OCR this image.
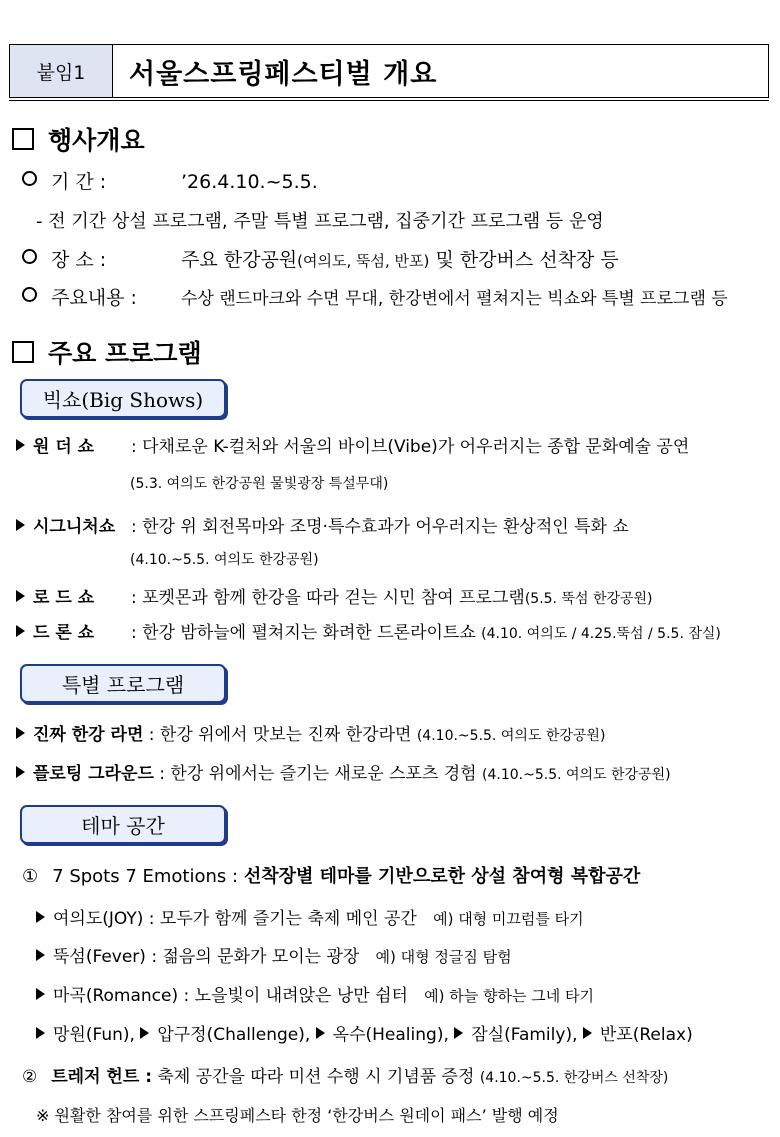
붙임1	서울스프링페스티벌 개요
행사개요
기 간 :	’26.4.10.~5.5.
- 전 기간 상설 프로그램, 주말 특별 프로그램, 집중기간 프로그램 등 운영
장 소 :	주요 한강공원(여의도, 뚝섬, 반포) 및 한강버스 선착장 등
주요내용 :	수상 랜드마크와 수면 무대, 한강변에서 펼쳐지는 빅쇼와 특별 프로그램 등
주요 프로그램
빅쇼(Big Shows)
원 더 쇼 : 다채로운 K-컬처와 서울의 바이브(Vibe)가 어우러지는 종합 문화예술 공연
(5.3. 여의도 한강공원 물빛광장 특설무대)
시그니처쇼 : 한강 위 회전목마와 조명·특수효과가 어우러지는 환상적인 특화 쇼
(4.10.~5.5. 여의도 한강공원)
로 드 쇼 : 포켓몬과 함께 한강을 따라 걷는 시민 참여 프로그램(5.5. 뚝섬 한강공원)
드 론 쇼 : 한강 밤하늘에 펼쳐지는 화려한 드론라이트쇼 (4.10. 여의도 / 4.25.뚝섬 / 5.5. 잠실)
특별 프로그램
진짜 한강 라면 : 한강 위에서 맛보는 진짜 한강라면 (4.10.~5.5. 여의도 한강공원)
플로팅 그라운드 : 한강 위에서는 즐기는 새로운 스포츠 경험 (4.10.~5.5. 여의도 한강공원)
테마 공간
① 7 Spots 7 Emotions : 선착장별 테마를 기반으로한 상설 참여형 복합공간
여의도(JOY) : 모두가 함께 즐기는 축제 메인 공간 예) 대형 미끄럼틀 타기
뚝섬(Fever) : 젊음의 문화가 모이는 광장 예) 대형 정글짐 탐험
마곡(Romance) : 노을빛이 내려앉은 낭만 쉼터 예) 하늘 향하는 그네 타기
망원(Fun), 압구정(Challenge), 옥수(Healing), 잠실(Family), 반포(Relax)
② 트레저 헌트 : 축제 공간을 따라 미션 수행 시 기념품 증정 (4.10.~5.5. 한강버스 선착장)
※ 원활한 참여를 위한 스프링페스타 한정 ‘한강버스 원데이 패스’ 발행 예정
